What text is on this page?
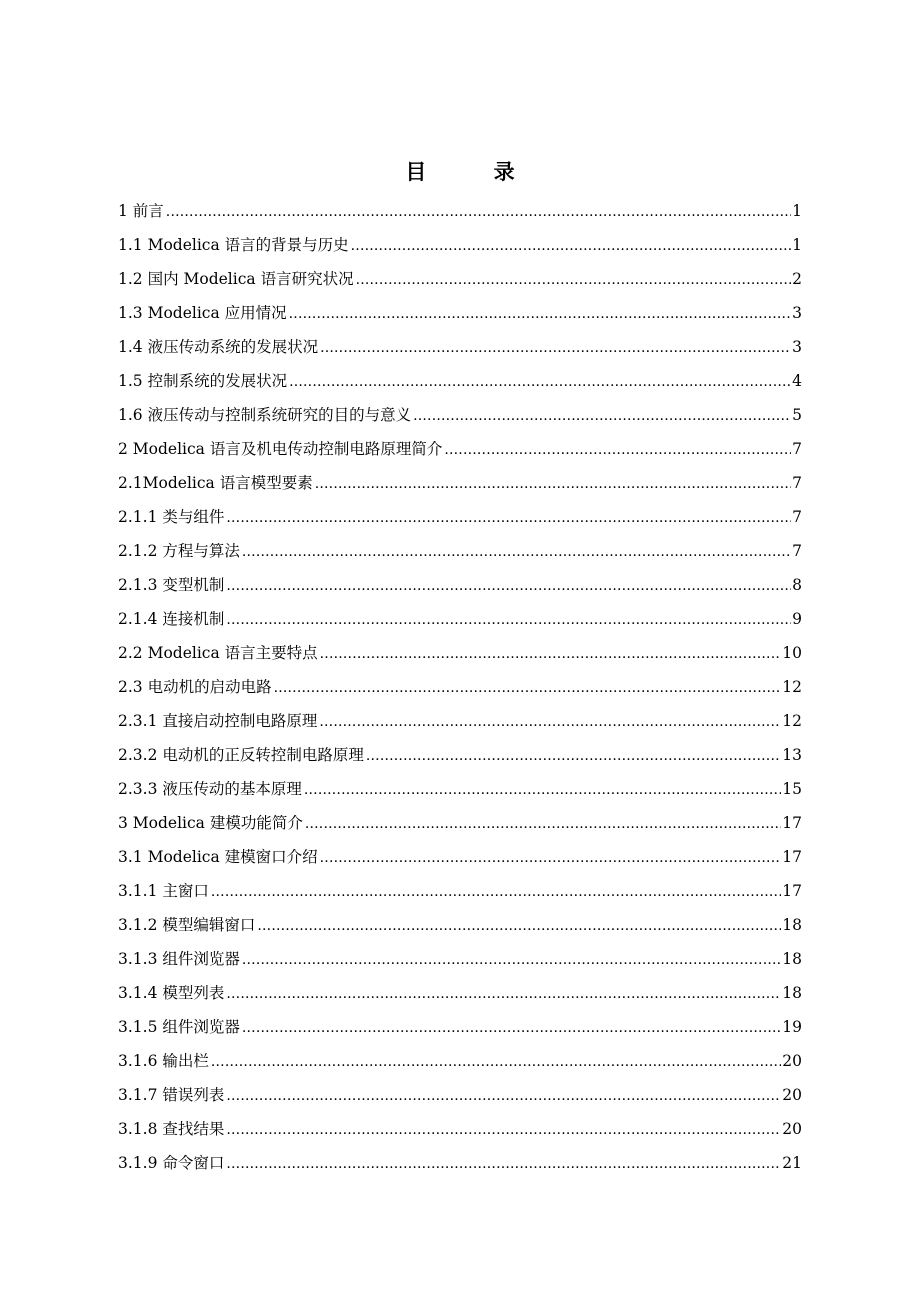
目 录
1 前言 .....	1
1.1 Modelica 语言的背景与历史 .....	1
1.2 国内 Modelica 语言研究状况 .....	2
1.3 Modelica 应用情况 .....	3
1.4 液压传动系统的发展状况 .....	3
1.5 控制系统的发展状况 .....	4
1.6 液压传动与控制系统研究的目的与意义 .....	5
2 Modelica 语言及机电传动控制电路原理简介 .....	7
2.1Modelica 语言模型要素 .....	7
2.1.1 类与组件 .....	7
2.1.2 方程与算法 .....	7
2.1.3 变型机制 .....	8
2.1.4 连接机制 .....	9
2.2 Modelica 语言主要特点 .....	10
2.3 电动机的启动电路 .....	12
2.3.1 直接启动控制电路原理 .....	12
2.3.2 电动机的正反转控制电路原理 .....	13
2.3.3 液压传动的基本原理 .....	15
3 Modelica 建模功能简介 .....	17
3.1 Modelica 建模窗口介绍 .....	17
3.1.1 主窗口 .....	17
3.1.2 模型编辑窗口 .....	18
3.1.3 组件浏览器 .....	18
3.1.4 模型列表 .....	18
3.1.5 组件浏览器 .....	19
3.1.6 输出栏 .....	20
3.1.7 错误列表 .....	20
3.1.8 查找结果 .....	20
3.1.9 命令窗口 .....	21
